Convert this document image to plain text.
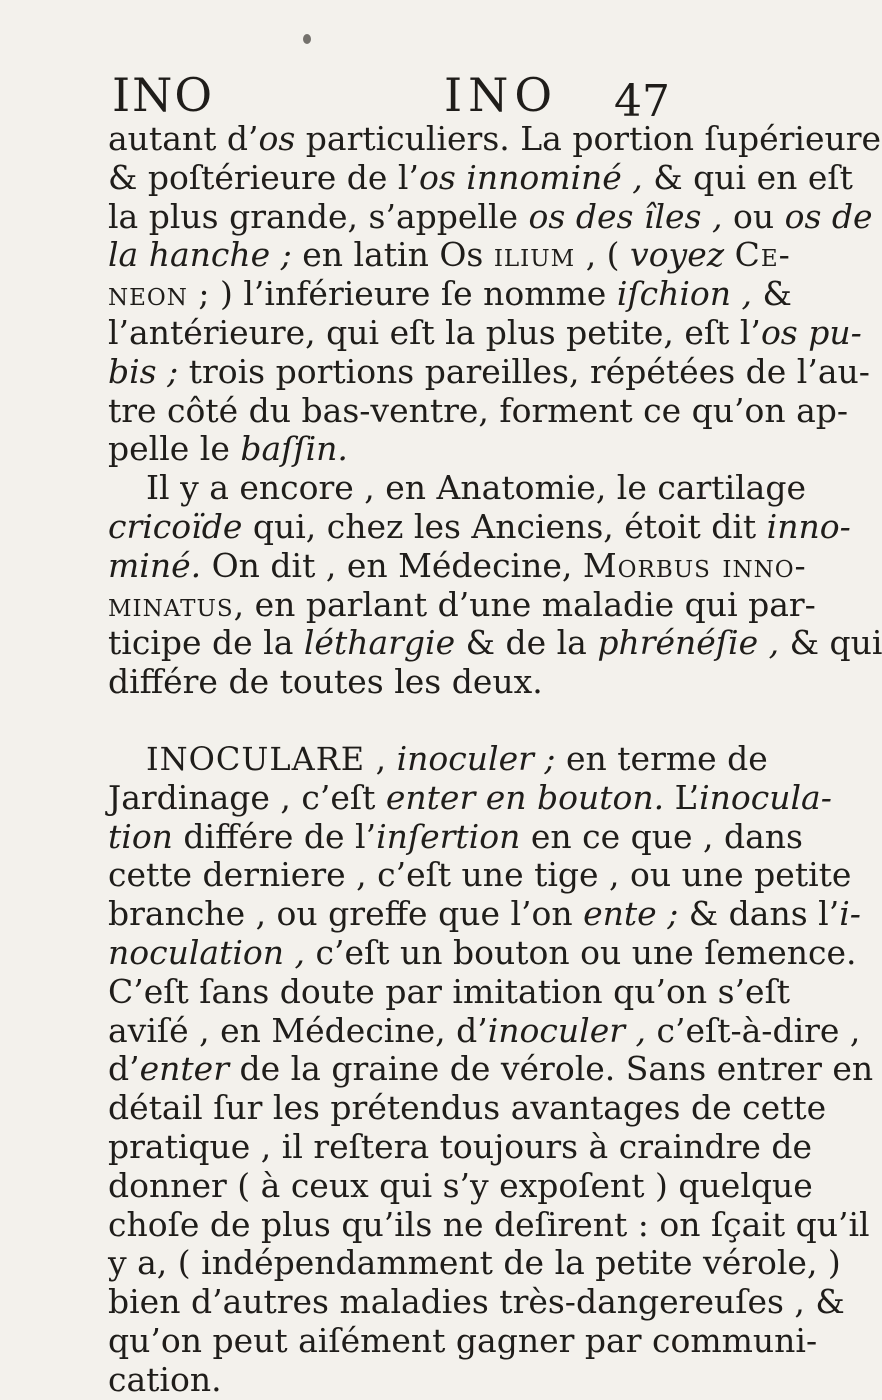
INO	INO 47
autant d’os particuliers. La portion ſupérieure
& poſtérieure de l’os innominé , & qui en eſt
la plus grande, s’appelle os des îles , ou os de
la hanche ; en latin Os ilium , ( voyez Ce-
neon ; ) l’inférieure ſe nomme iſchion , &
l’antérieure, qui eſt la plus petite, eſt l’os pu-
bis ; trois portions pareilles, répétées de l’au-
tre côté du bas-ventre, forment ce qu’on ap-
pelle le baſſin.
Il y a encore , en Anatomie, le cartilage
cricoïde qui, chez les Anciens, étoit dit inno-
miné. On dit , en Médecine, Morbus inno-
minatus, en parlant d’une maladie qui par-
ticipe de la léthargie & de la phrénéſie , & qui
différe de toutes les deux.
INOCULARE , inoculer ; en terme de
Jardinage , c’eſt enter en bouton. L’inocula-
tion différe de l’inſertion en ce que , dans
cette derniere , c’eſt une tige , ou une petite
branche , ou greffe que l’on ente ; & dans l’i-
noculation , c’eſt un bouton ou une ſemence.
C’eſt ſans doute par imitation qu’on s’eſt
aviſé , en Médecine, d’inoculer , c’eſt-à-dire ,
d’enter de la graine de vérole. Sans entrer en
détail ſur les prétendus avantages de cette
pratique , il reſtera toujours à craindre de
donner ( à ceux qui s’y expoſent ) quelque
choſe de plus qu’ils ne deſirent : on ſçait qu’il
y a, ( indépendamment de la petite vérole, )
bien d’autres maladies très-dangereuſes , &
qu’on peut aiſément gagner par communi-
cation.
